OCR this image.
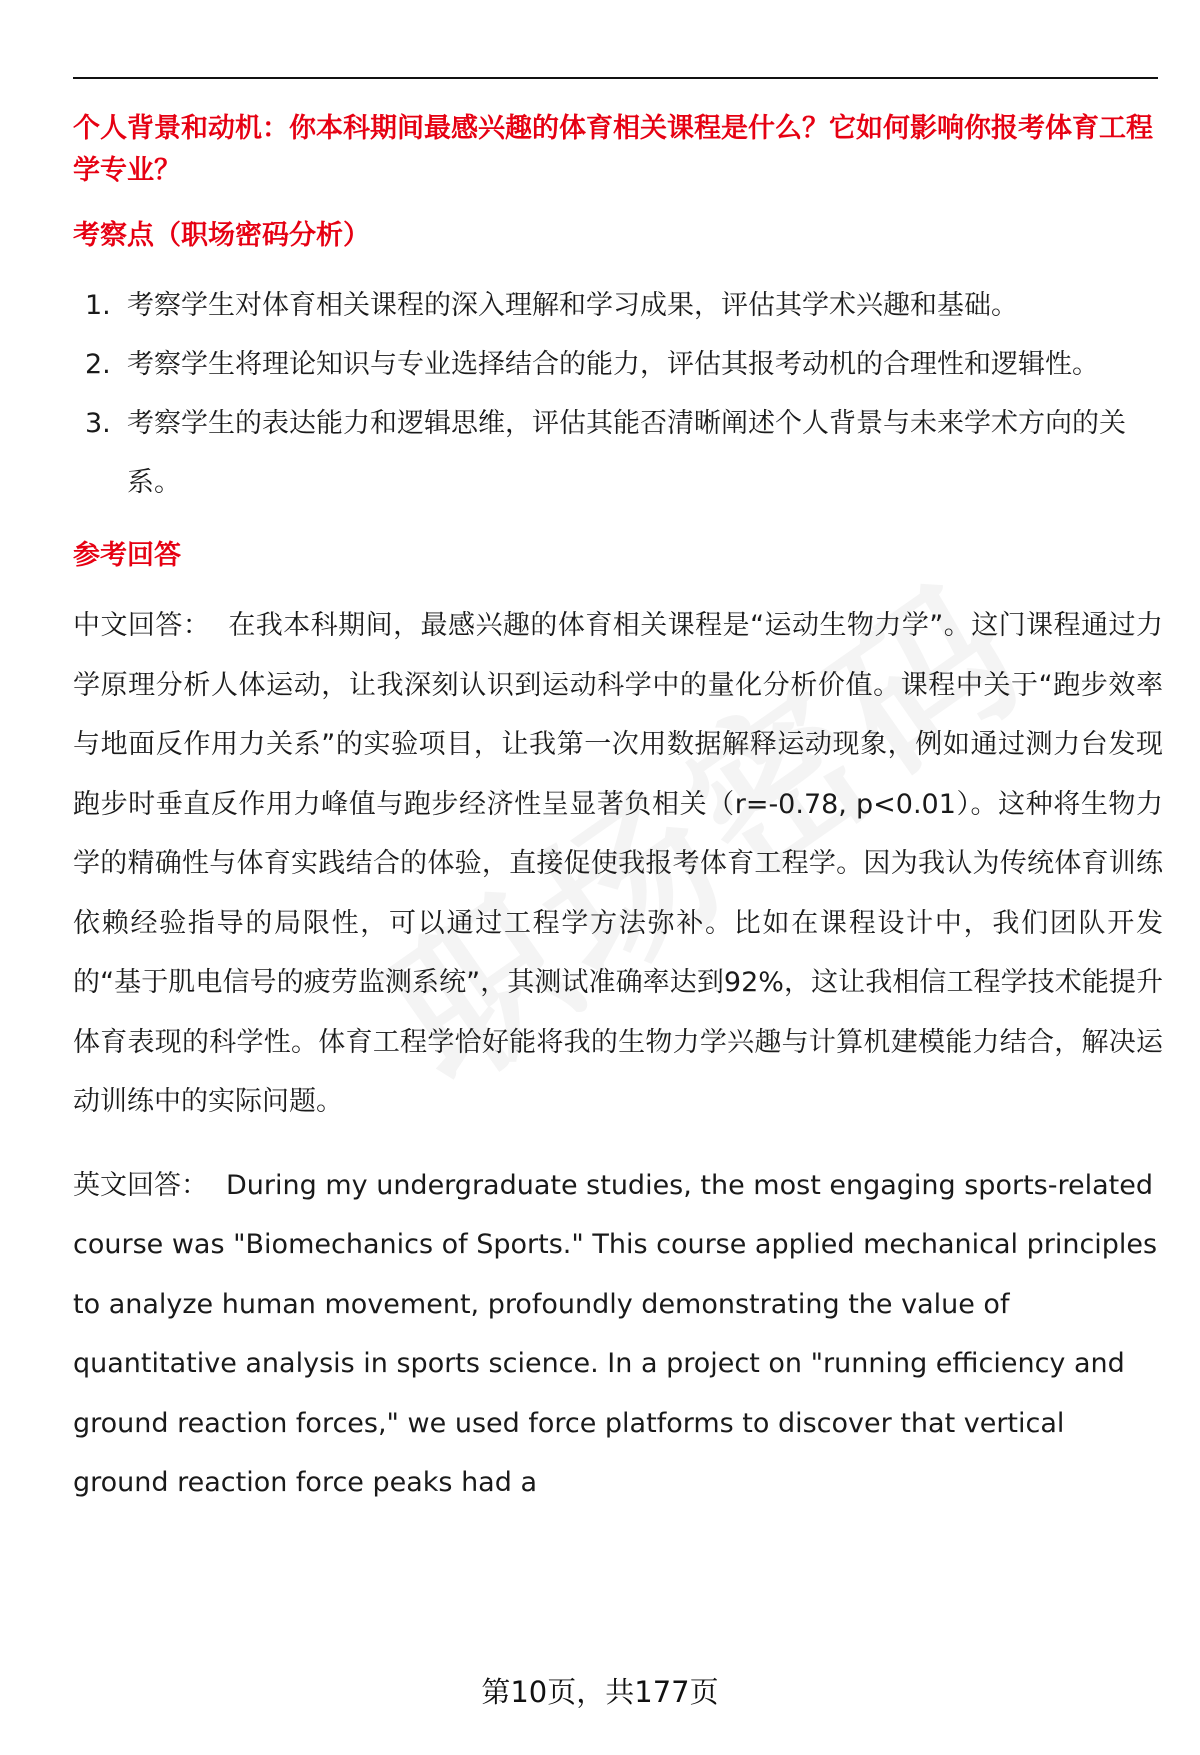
个人背景和动机：你本科期间最感兴趣的体育相关课程是什么？它如何影响你报考体育工程学专业？

考察点（职场密码分析）

1. 考察学生对体育相关课程的深入理解和学习成果，评估其学术兴趣和基础。
2. 考察学生将理论知识与专业选择结合的能力，评估其报考动机的合理性和逻辑性。
3. 考察学生的表达能力和逻辑思维，评估其能否清晰阐述个人背景与未来学术方向的关系。

参考回答

中文回答： 在我本科期间，最感兴趣的体育相关课程是“运动生物力学”。这门课程通过力学原理分析人体运动，让我深刻认识到运动科学中的量化分析价值。课程中关于“跑步效率与地面反作用力关系”的实验项目，让我第一次用数据解释运动现象，例如通过测力台发现跑步时垂直反作用力峰值与跑步经济性呈显著负相关（r=-0.78, p<0.01）。这种将生物力学的精确性与体育实践结合的体验，直接促使我报考体育工程学。因为我认为传统体育训练依赖经验指导的局限性，可以通过工程学方法弥补。比如在课程设计中，我们团队开发的“基于肌电信号的疲劳监测系统”，其测试准确率达到92%，这让我相信工程学技术能提升体育表现的科学性。体育工程学恰好能将我的生物力学兴趣与计算机建模能力结合，解决运动训练中的实际问题。

英文回答： During my undergraduate studies, the most engaging sports-related course was "Biomechanics of Sports." This course applied mechanical principles to analyze human movement, profoundly demonstrating the value of quantitative analysis in sports science. In a project on "running efficiency and ground reaction forces," we used force platforms to discover that vertical ground reaction force peaks had a

第10页，共177页
